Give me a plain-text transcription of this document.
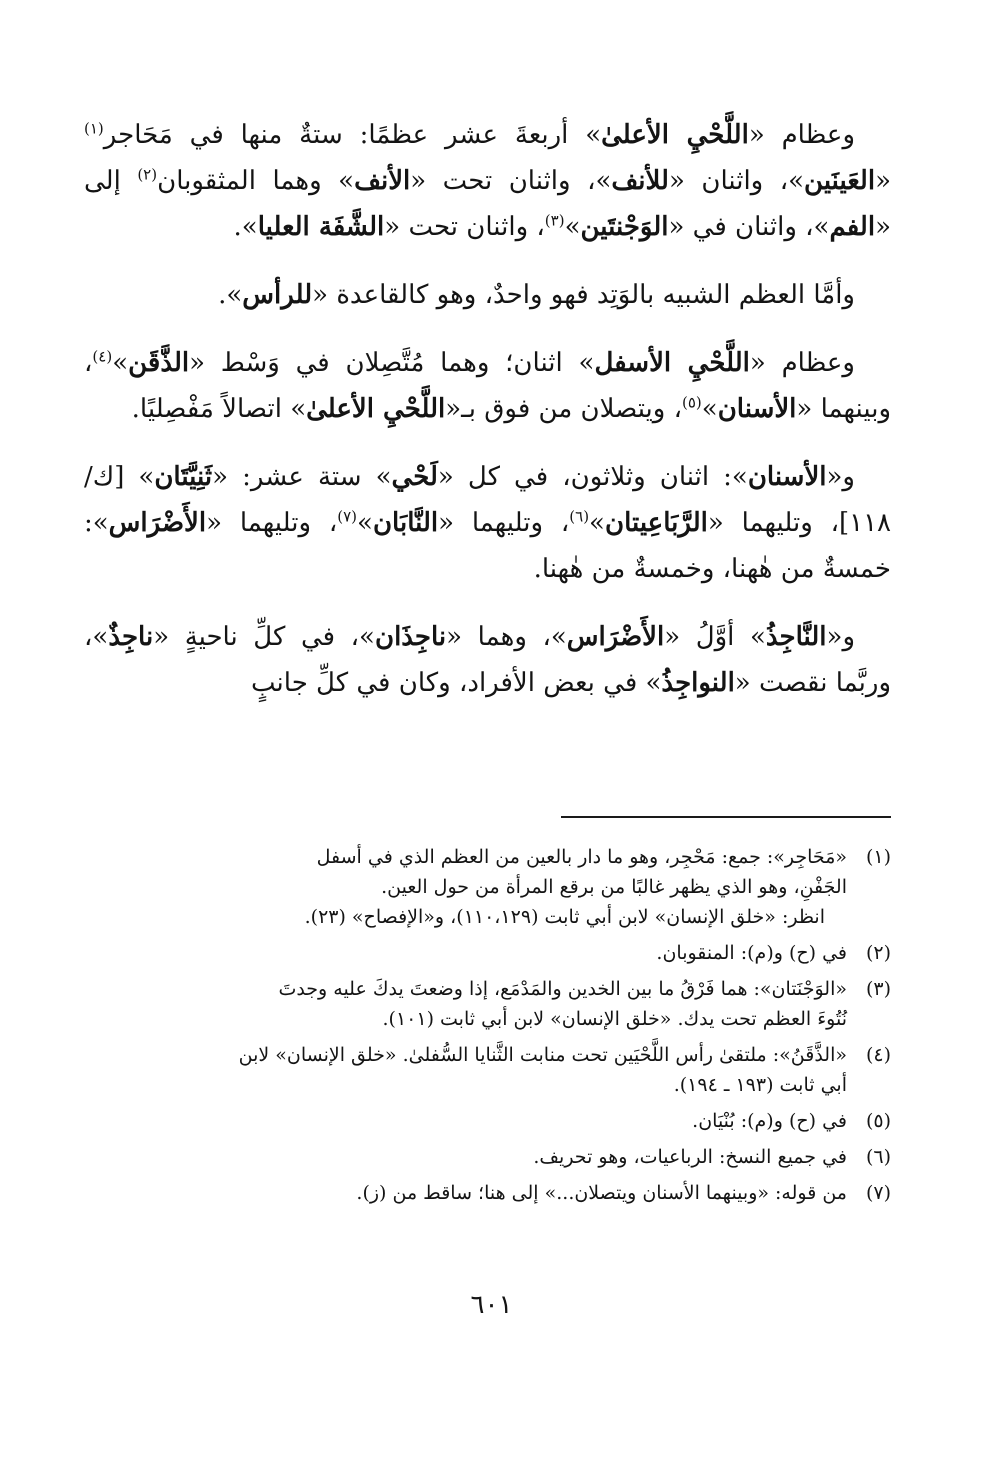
وعظام «اللَّحْيِ الأعلىٰ» أربعةَ عشر عظمًا: ستةٌ منها في مَحَاجر$^{(١)}$ «العَينَين»، واثنان «للأنف»، واثنان تحت «الأنف» وهما المثقوبان$^{(٢)}$ إلى «الفم»، واثنان في «الوَجْنتَين»$^{(٣)}$، واثنان تحت «الشَّفَة العليا».

وأمَّا العظم الشبيه بالوَتِد فهو واحدٌ، وهو كالقاعدة «للرأس».

وعظام «اللَّحْيِ الأسفل» اثنان؛ وهما مُتَّصِلان في وَسْط «الذَّقَن»$^{(٤)}$، وبينهما «الأسنان»$^{(٥)}$، ويتصلان من فوق بـ«اللَّحْيِ الأعلىٰ» اتصالاً مَفْصِليًا.

و«الأسنان»: اثنان وثلاثون، في كل «لَحْي» ستة عشر: «ثَنِيَّتَان» [ك/١١٨]، وتليهما «الرَّبَاعِيتان»$^{(٦)}$، وتليهما «النَّابَان»$^{(٧)}$، وتليهما «الأَضْرَاس»: خمسةٌ من هٰهنا، وخمسةٌ من هٰهنا.

و«النَّاجِذُ» أوَّلُ «الأَضْرَاس»، وهما «ناجِذَان»، في كلِّ ناحيةٍ «ناجِذٌ»، وربَّما نقصت «النواجِذُ» في بعض الأفراد، وكان في كلِّ جانبٍ

(١)
«مَحَاجِر»: جمع: مَحْجِر، وهو ما دار بالعين من العظم الذي في أسفل
الجَفْنِ، وهو الذي يظهر غالبًا من برقع المرأة من حول العين.
انظر: «خلق الإنسان» لابن أبي ثابت (١١٠،١٢٩)، و«الإفصاح» (٢٣).
(٢)
في (ح) و(م): المنقوبان.
(٣)
«الوَجْنَتان»: هما فَرْقُ ما بين الخدين والمَدْمَع، إذا وضعتَ يدكَ عليه وجدتَ
نُتُوءَ العظم تحت يدك. «خلق الإنسان» لابن أبي ثابت (١٠١).
(٤)
«الذَّقَنُ»: ملتقىٰ رأس اللَّحْيَين تحت منابت الثَّنايا السُّفلىٰ. «خلق الإنسان» لابن
أبي ثابت (١٩٣ ـ ١٩٤).
(٥)
في (ح) و(م): بُنْيَان.
(٦)
في جميع النسخ: الرباعيات، وهو تحريف.
(٧)
من قوله: «وبينهما الأسنان ويتصلان...» إلى هنا؛ ساقط من (ز).
٦٠١
